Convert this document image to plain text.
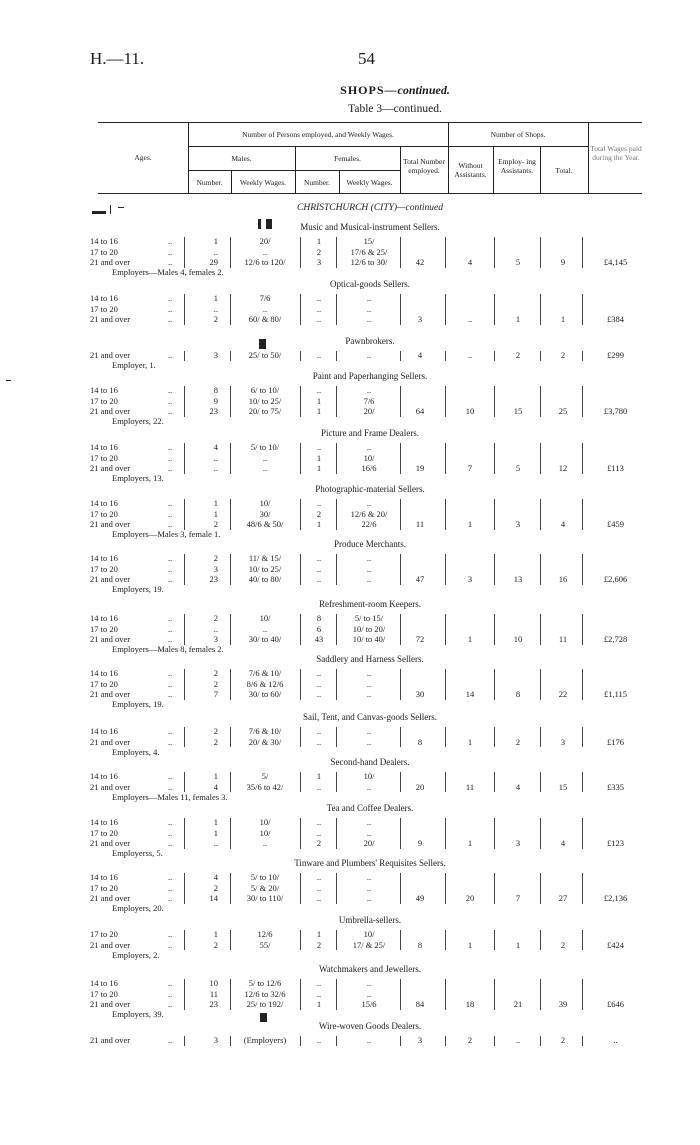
H.—11.	54
SHOPS—continued.
Table 3—continued.
Ages.
Number of Persons employed, and Weekly Wages.	Number of Shops.
Males.	Females.
Number.	Weekly Wages.	Number.	Weekly Wages.
Total Number employed.
Without Assistants.
Employ- ing Assistants.	Total.
Total Wages paid during the Year.
CHRISTCHURCH (CITY)—continued
Music and Musical-instrument Sellers.
14 to 16	1	20/	1	15/
..
17 to 20	..	..	2	17/6 & 25/
..
21 and over	29	12/6 to 120/	3	12/6 to 30/	42	4	5	9	£4,145
..
Employers—Males 4, females 2.
Optical-goods Sellers.
14 to 16	1	7/6	..	..
..
17 to 20	..	..	..	..
..
21 and over	2	60/ & 80/	..	..	3	..	1	1	£384
..
Pawnbrokers.
21 and over	3	25/ to 50/	..	..	4	..	2	2	£299
..
Employer, 1.
Paint and Paperhanging Sellers.
14 to 16	8	6/ to 10/	..	..
..
17 to 20	9	10/ to 25/	1	7/6
..
21 and over	23	20/ to 75/	1	20/	64	10	15	25	£3,780
..
Employers, 22.
Picture and Frame Dealers.
14 to 16	4	5/ to 10/	..	..
..
17 to 20	..	..	1	10/
..
21 and over	..	..	1	16/6	19	7	5	12	£113
..
Employers, 13.
Photographic-material Sellers.
14 to 16	1	10/	..	..
..
17 to 20	1	30/	2	12/6 & 20/
..
21 and over	2	48/6 & 50/	1	22/6	11	1	3	4	£459
..
Employers—Males 3, female 1.
Produce Merchants.
14 to 16	2	11/ & 15/	..	..
..
17 to 20	3	10/ to 25/	..	..
..
21 and over	23	40/ to 80/	..	..	47	3	13	16	£2,606
..
Employers, 19.
Refreshment-room Keepers.
14 to 16	2	10/	8	5/ to 15/
..
17 to 20	..	..	6	10/ to 20/
..
21 and over	3	30/ to 40/	43	10/ to 40/	72	1	10	11	£2,728
..
Employers—Males 8, females 2.
Saddlery and Harness Sellers.
14 to 16	2	7/6 & 10/	..	..
..
17 to 20	2	8/6 & 12/6	..	..
..
21 and over	7	30/ to 60/	..	..	30	14	8	22	£1,115
..
Employers, 19.
Sail, Tent, and Canvas-goods Sellers.
14 to 16	2	7/6 & 10/	..	..
..
21 and over	2	20/ & 30/	..	..	8	1	2	3	£176
..
Employers, 4.
Second-hand Dealers.
14 to 16	1	5/	1	10/
..
21 and over	4	35/6 to 42/	..	..	20	11	4	15	£335
..
Employers—Males 11, females 3.
Tea and Coffee Dealers.
14 to 16	1	10/	..	..
..
17 to 20	1	10/	..	..
..
21 and over	..	..	2	20/	9	1	3	4	£123
..
Employerss, 5.
Tinware and Plumbers' Requisites Sellers.
14 to 16	4	5/ to 10/	..	..
..
17 to 20	2	5/ & 20/	..	..
..
21 and over	14	30/ to 110/	..	..	49	20	7	27	£2,136
..
Employers, 20.
Umbrella-sellers.
17 to 20	1	12/6	1	10/
..
21 and over	2	55/	2	17/ & 25/	8	1	1	2	£424
..
Employers, 2.
Watchmakers and Jewellers.
14 to 16	10	5/ to 12/6	..	..
..
17 to 20	11	12/6 to 32/6	..	..
..
21 and over	23	25/ to 192/	1	15/6	84	18	21	39	£646
..
Employers, 39.
Wire-woven Goods Dealers.
21 and over	3	(Employers)	..	..	3	2	..	2	..
..
